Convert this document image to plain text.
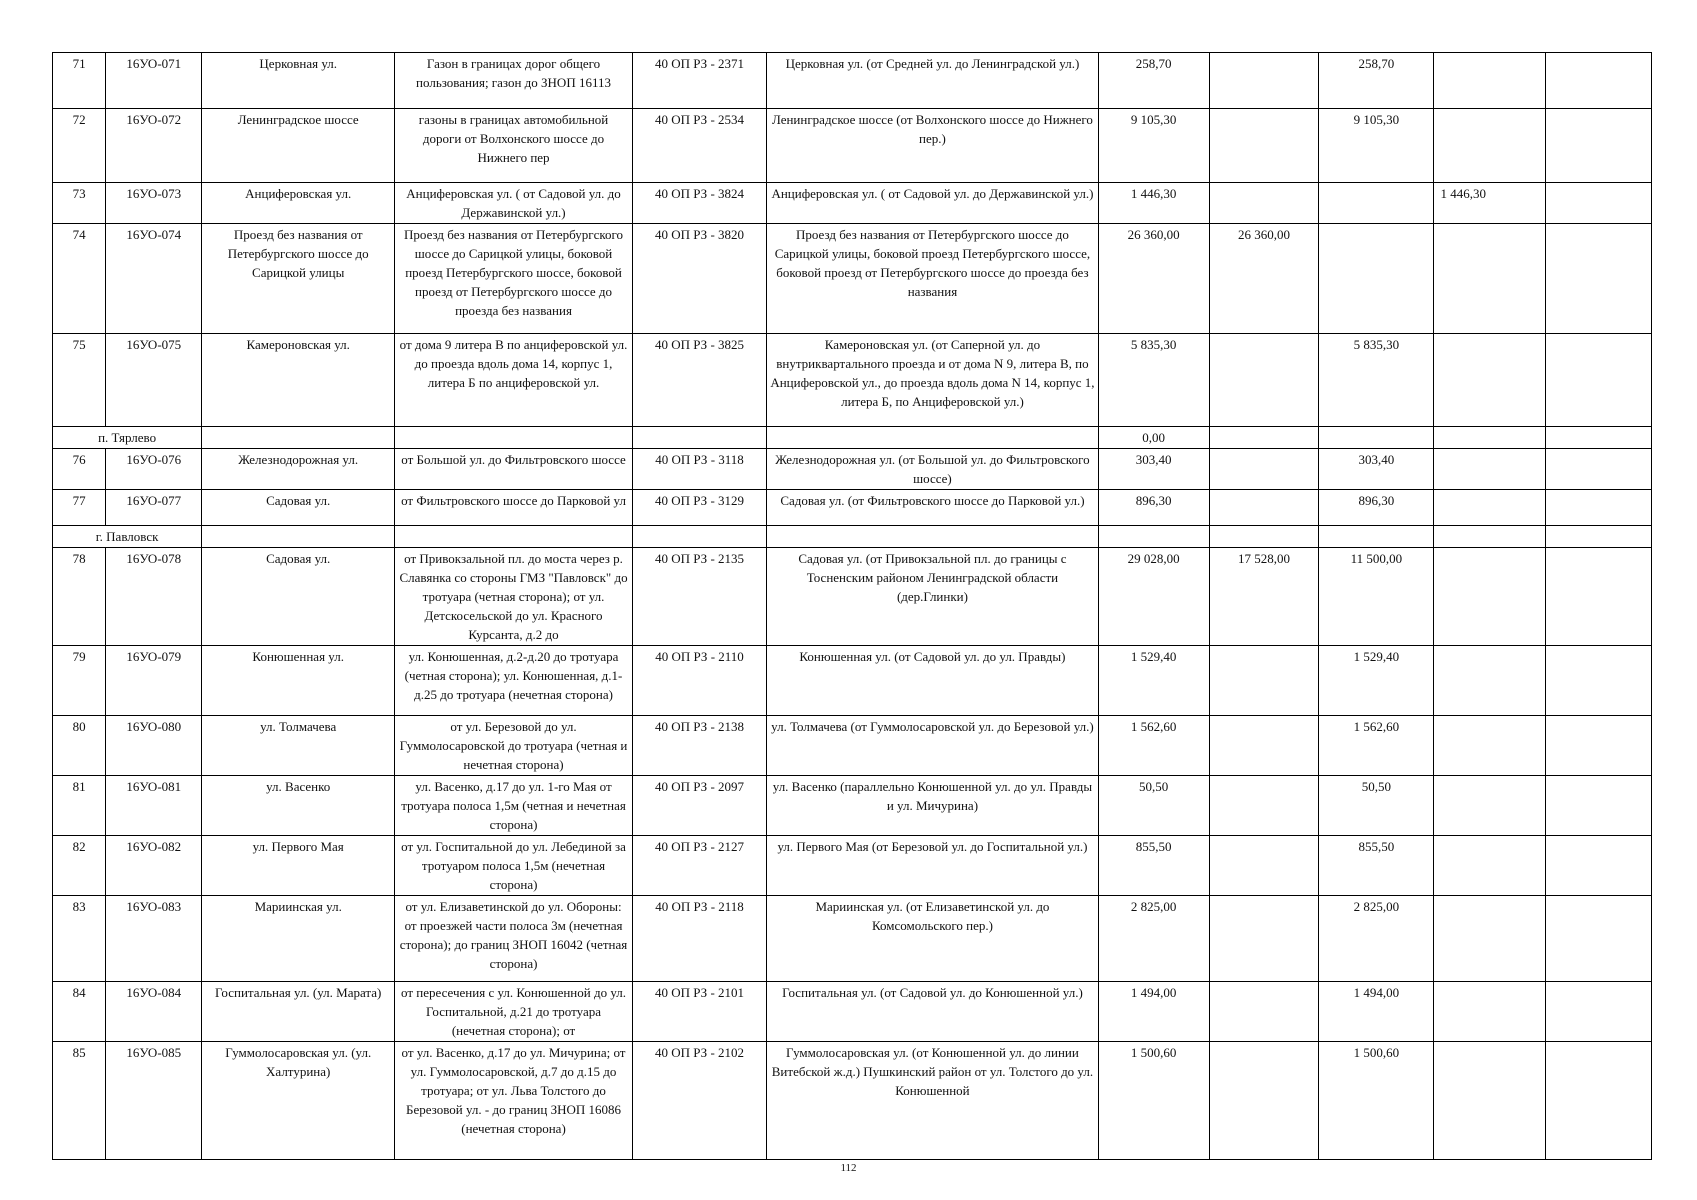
71	16УО-071	Церковная ул.	Газон в границах дорог общего пользования; газон до ЗНОП 16113	40 ОП РЗ - 2371	Церковная ул. (от Средней ул. до Ленинградской ул.)	258,70		258,70		
72	16УО-072	Ленинградское шоссе	газоны в границах автомобильной дороги от Волхонского шоссе до Нижнего пер	40 ОП РЗ - 2534	Ленинградское шоссе (от Волхонского шоссе до Нижнего пер.)	9 105,30		9 105,30		
73	16УО-073	Анциферовская ул.	Анциферовская ул. ( от Садовой ул. до Державинской ул.)	40 ОП РЗ - 3824	Анциферовская ул. ( от Садовой ул. до Державинской ул.)	1 446,30			1 446,30	
74	16УО-074	Проезд без названия от Петербургского шоссе до Сарицкой улицы	Проезд без названия от Петербургского шоссе до Сарицкой улицы, боковой проезд Петербургского шоссе, боковой проезд от Петербургского шоссе до проезда без названия	40 ОП РЗ - 3820	Проезд без названия от Петербургского шоссе до Сарицкой улицы, боковой проезд Петербургского шоссе, боковой проезд от Петербургского шоссе до проезда без названия	26 360,00	26 360,00			
75	16УО-075	Камероновская ул.	от дома 9 литера В по анциферовской ул. до проезда вдоль дома 14, корпус 1, литера Б по анциферовской ул.	40 ОП РЗ - 3825	Камероновская ул. (от Саперной ул. до внутриквартального проезда и от дома N 9, литера В, по Анциферовской ул., до проезда вдоль дома N 14, корпус 1, литера Б, по Анциферовской ул.)	5 835,30		5 835,30		
п. Тярлево						0,00				
76	16УО-076	Железнодорожная ул.	от Большой ул. до Фильтровского шоссе	40 ОП РЗ - 3118	Железнодорожная ул. (от Большой ул. до Фильтровского шоссе)	303,40		303,40		
77	16УО-077	Садовая ул.	от Фильтровского шоссе до Парковой ул	40 ОП РЗ - 3129	Садовая ул. (от Фильтровского шоссе до Парковой ул.)	896,30		896,30		
г. Павловск										
78	16УО-078	Садовая ул.	от Привокзальной пл. до моста через р. Славянка со стороны ГМЗ "Павловск" до тротуара (четная сторона); от ул. Детскосельской до ул. Красного Курсанта, д.2 до	40 ОП РЗ - 2135	Садовая ул. (от Привокзальной пл. до границы с Тосненским районом Ленинградской области (дер.Глинки)	29 028,00	17 528,00	11 500,00		
79	16УО-079	Конюшенная ул.	ул. Конюшенная, д.2-д.20 до тротуара (четная сторона); ул. Конюшенная, д.1-д.25 до тротуара (нечетная сторона)	40 ОП РЗ - 2110	Конюшенная ул. (от Садовой ул. до ул. Правды)	1 529,40		1 529,40		
80	16УО-080	ул. Толмачева	от ул. Березовой до ул. Гуммолосаровской до тротуара (четная и нечетная сторона)	40 ОП РЗ - 2138	ул. Толмачева (от Гуммолосаровской ул. до Березовой ул.)	1 562,60		1 562,60		
81	16УО-081	ул. Васенко	ул. Васенко, д.17 до ул. 1-го Мая от тротуара полоса 1,5м (четная и нечетная сторона)	40 ОП РЗ - 2097	ул. Васенко (параллельно Конюшенной ул. до ул. Правды и ул. Мичурина)	50,50		50,50		
82	16УО-082	ул. Первого Мая	от ул. Госпитальной до ул. Лебединой за тротуаром полоса 1,5м (нечетная сторона)	40 ОП РЗ - 2127	ул. Первого Мая (от Березовой ул. до Госпитальной ул.)	855,50		855,50		
83	16УО-083	Мариинская ул.	от ул. Елизаветинской до ул. Обороны: от проезжей части полоса 3м (нечетная сторона); до границ ЗНОП 16042 (четная сторона)	40 ОП РЗ - 2118	Мариинская ул. (от Елизаветинской ул. до Комсомольского пер.)	2 825,00		2 825,00		
84	16УО-084	Госпитальная ул. (ул. Марата)	от пересечения с ул. Конюшенной до ул. Госпитальной, д.21 до тротуара (нечетная сторона); от	40 ОП РЗ - 2101	Госпитальная ул. (от Садовой ул. до Конюшенной ул.)	1 494,00		1 494,00		
85	16УО-085	Гуммолосаровская ул. (ул. Халтурина)	от ул. Васенко, д.17 до ул. Мичурина; от ул. Гуммолосаровской, д.7 до д.15 до тротуара; от ул. Льва Толстого до Березовой ул. - до границ ЗНОП 16086 (нечетная сторона)	40 ОП РЗ - 2102	Гуммолосаровская ул. (от Конюшенной ул. до линии Витебской ж.д.) Пушкинский район от ул. Толстого до ул. Конюшенной	1 500,60		1 500,60		
112
